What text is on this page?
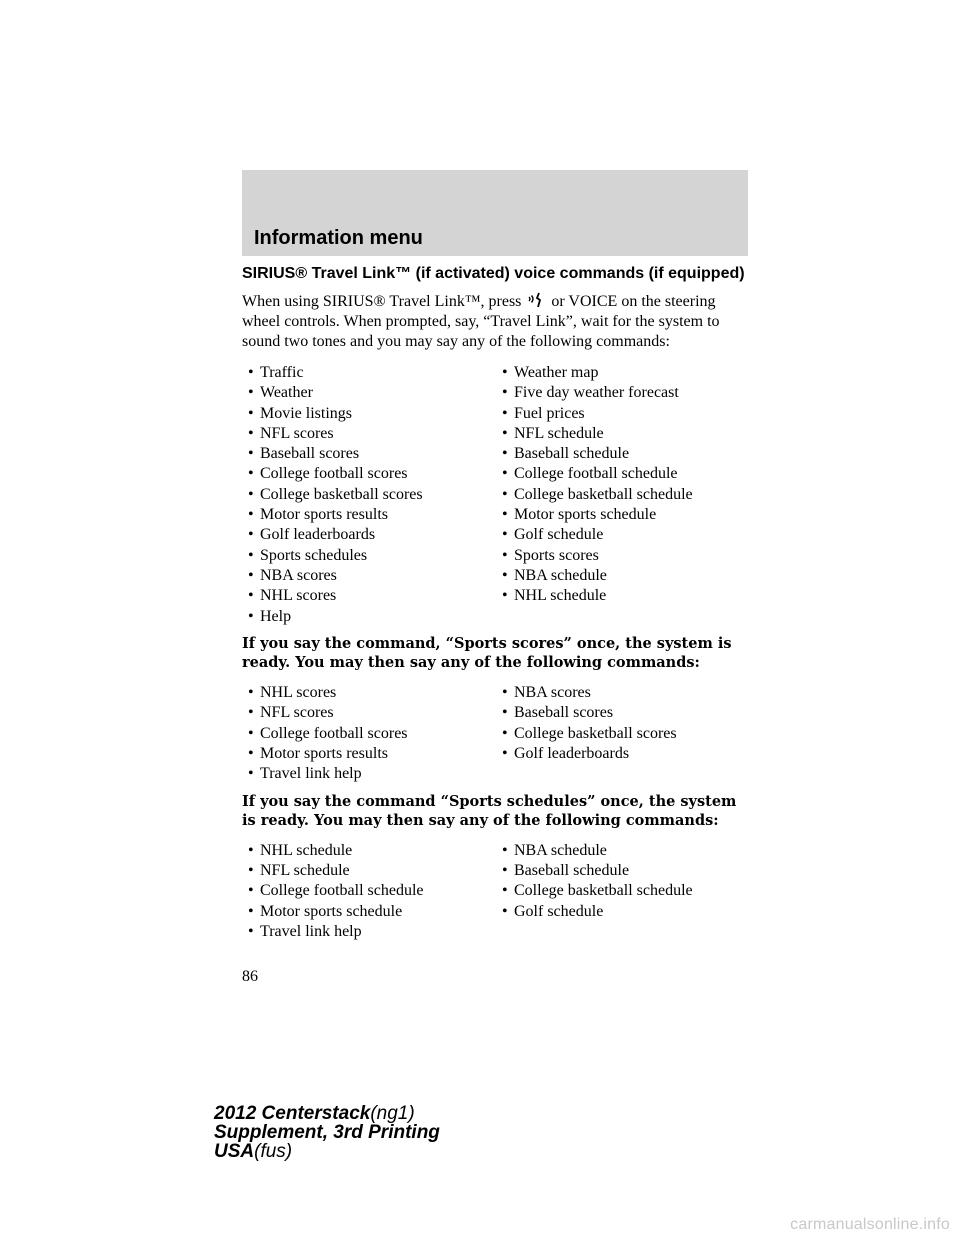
Information menu
SIRIUS® Travel Link™ (if activated) voice commands (if equipped)

When using SIRIUS® Travel Link™, press  or VOICE on the steering wheel controls. When prompted, say, “Travel Link”, wait for the system to sound two tones and you may say any of the following commands:

• Traffic	• Weather map
• Weather	• Five day weather forecast
• Movie listings	• Fuel prices
• NFL scores	• NFL schedule
• Baseball scores	• Baseball schedule
• College football scores	• College football schedule
• College basketball scores	• College basketball schedule
• Motor sports results	• Motor sports schedule
• Golf leaderboards	• Golf schedule
• Sports schedules	• Sports scores
• NBA scores	• NBA schedule
• NHL scores	• NHL schedule
• Help

If you say the command, “Sports scores” once, the system is ready. You may then say any of the following commands:

• NHL scores	• NBA scores
• NFL scores	• Baseball scores
• College football scores	• College basketball scores
• Motor sports results	• Golf leaderboards
• Travel link help

If you say the command “Sports schedules” once, the system is ready. You may then say any of the following commands:

• NHL schedule	• NBA schedule
• NFL schedule	• Baseball schedule
• College football schedule	• College basketball schedule
• Motor sports schedule	• Golf schedule
• Travel link help
86
2012 Centerstack(ng1)
Supplement, 3rd Printing
USA(fus)
carmanualsonline.info
